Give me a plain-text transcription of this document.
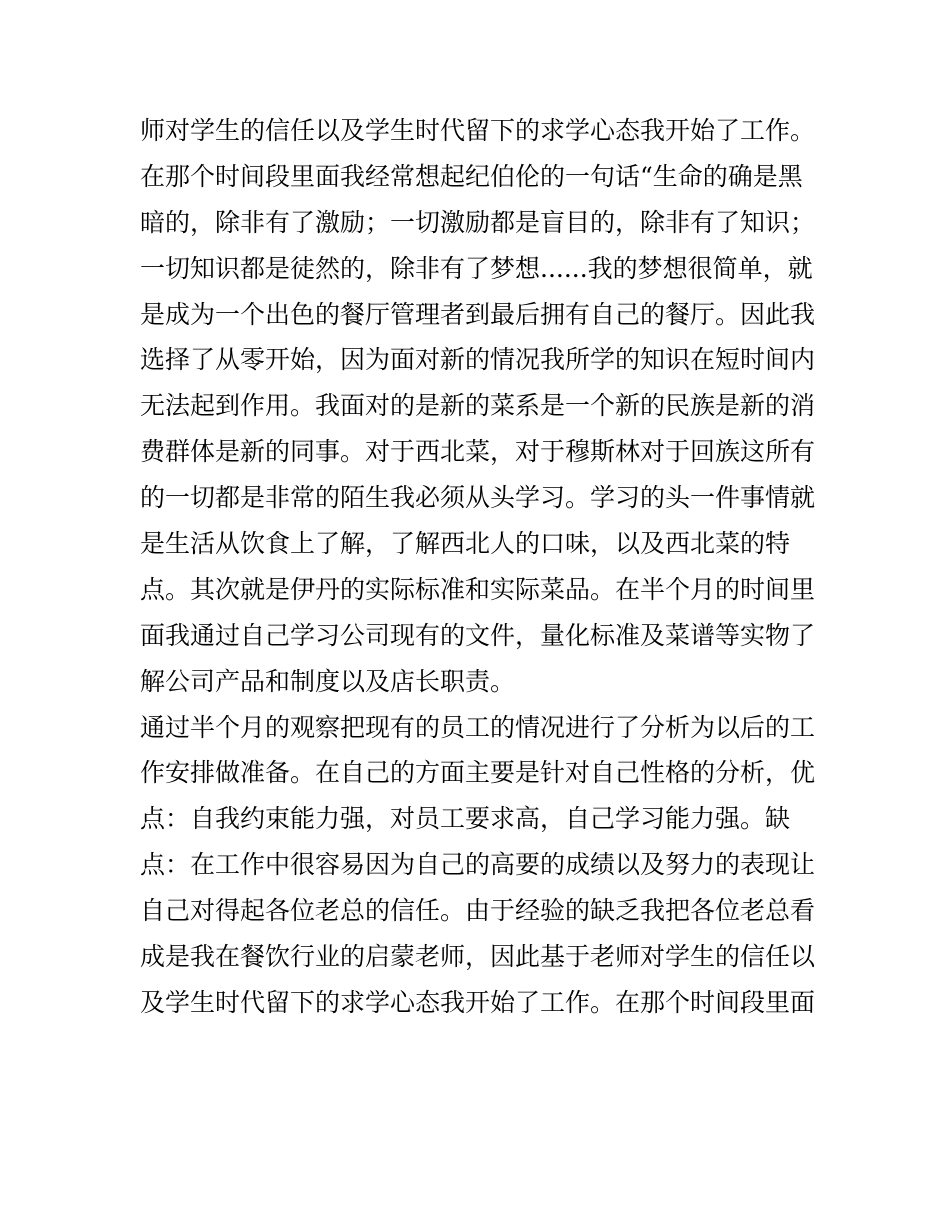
师对学生的信任以及学生时代留下的求学心态我开始了工作。
在那个时间段里面我经常想起纪伯伦的一句话“生命的确是黑
暗的，除非有了激励；一切激励都是盲目的，除非有了知识；
一切知识都是徒然的，除非有了梦想......我的梦想很简单，就
是成为一个出色的餐厅管理者到最后拥有自己的餐厅。因此我
选择了从零开始，因为面对新的情况我所学的知识在短时间内
无法起到作用。我面对的是新的菜系是一个新的民族是新的消
费群体是新的同事。对于西北菜，对于穆斯林对于回族这所有
的一切都是非常的陌生我必须从头学习。学习的头一件事情就
是生活从饮食上了解，了解西北人的口味，以及西北菜的特
点。其次就是伊丹的实际标准和实际菜品。在半个月的时间里
面我通过自己学习公司现有的文件，量化标准及菜谱等实物了
解公司产品和制度以及店长职责。
通过半个月的观察把现有的员工的情况进行了分析为以后的工
作安排做准备。在自己的方面主要是针对自己性格的分析，优
点：自我约束能力强，对员工要求高，自己学习能力强。缺
点：在工作中很容易因为自己的高要的成绩以及努力的表现让
自己对得起各位老总的信任。由于经验的缺乏我把各位老总看
成是我在餐饮行业的启蒙老师，因此基于老师对学生的信任以
及学生时代留下的求学心态我开始了工作。在那个时间段里面
